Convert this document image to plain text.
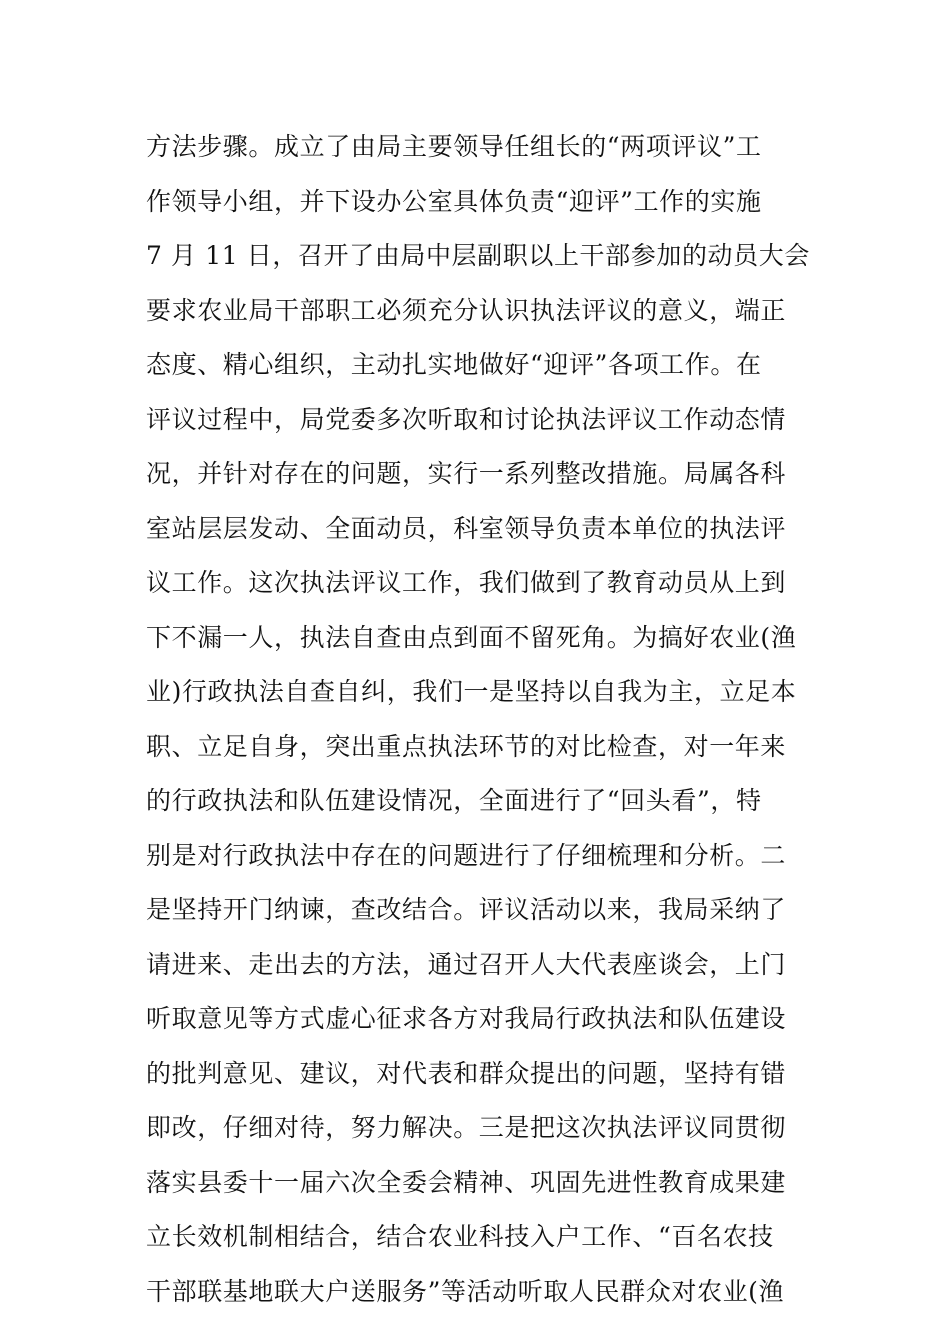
方法步骤。成立了由局主要领导任组长的“两项评议”工
作领导小组，并下设办公室具体负责“迎评”工作的实施
7 月 11 日，召开了由局中层副职以上干部参加的动员大会
要求农业局干部职工必须充分认识执法评议的意义，端正
态度、精心组织，主动扎实地做好“迎评”各项工作。在
评议过程中，局党委多次听取和讨论执法评议工作动态情
况，并针对存在的问题，实行一系列整改措施。局属各科
室站层层发动、全面动员，科室领导负责本单位的执法评
议工作。这次执法评议工作，我们做到了教育动员从上到
下不漏一人，执法自查由点到面不留死角。为搞好农业(渔
业)行政执法自查自纠，我们一是坚持以自我为主，立足本
职、立足自身，突出重点执法环节的对比检查，对一年来
的行政执法和队伍建设情况，全面进行了“回头看”，特
别是对行政执法中存在的问题进行了仔细梳理和分析。二
是坚持开门纳谏，查改结合。评议活动以来，我局采纳了
请进来、走出去的方法，通过召开人大代表座谈会，上门
听取意见等方式虚心征求各方对我局行政执法和队伍建设
的批判意见、建议，对代表和群众提出的问题，坚持有错
即改，仔细对待，努力解决。三是把这次执法评议同贯彻
落实县委十一届六次全委会精神、巩固先进性教育成果建
立长效机制相结合，结合农业科技入户工作、“百名农技
干部联基地联大户送服务”等活动听取人民群众对农业(渔
